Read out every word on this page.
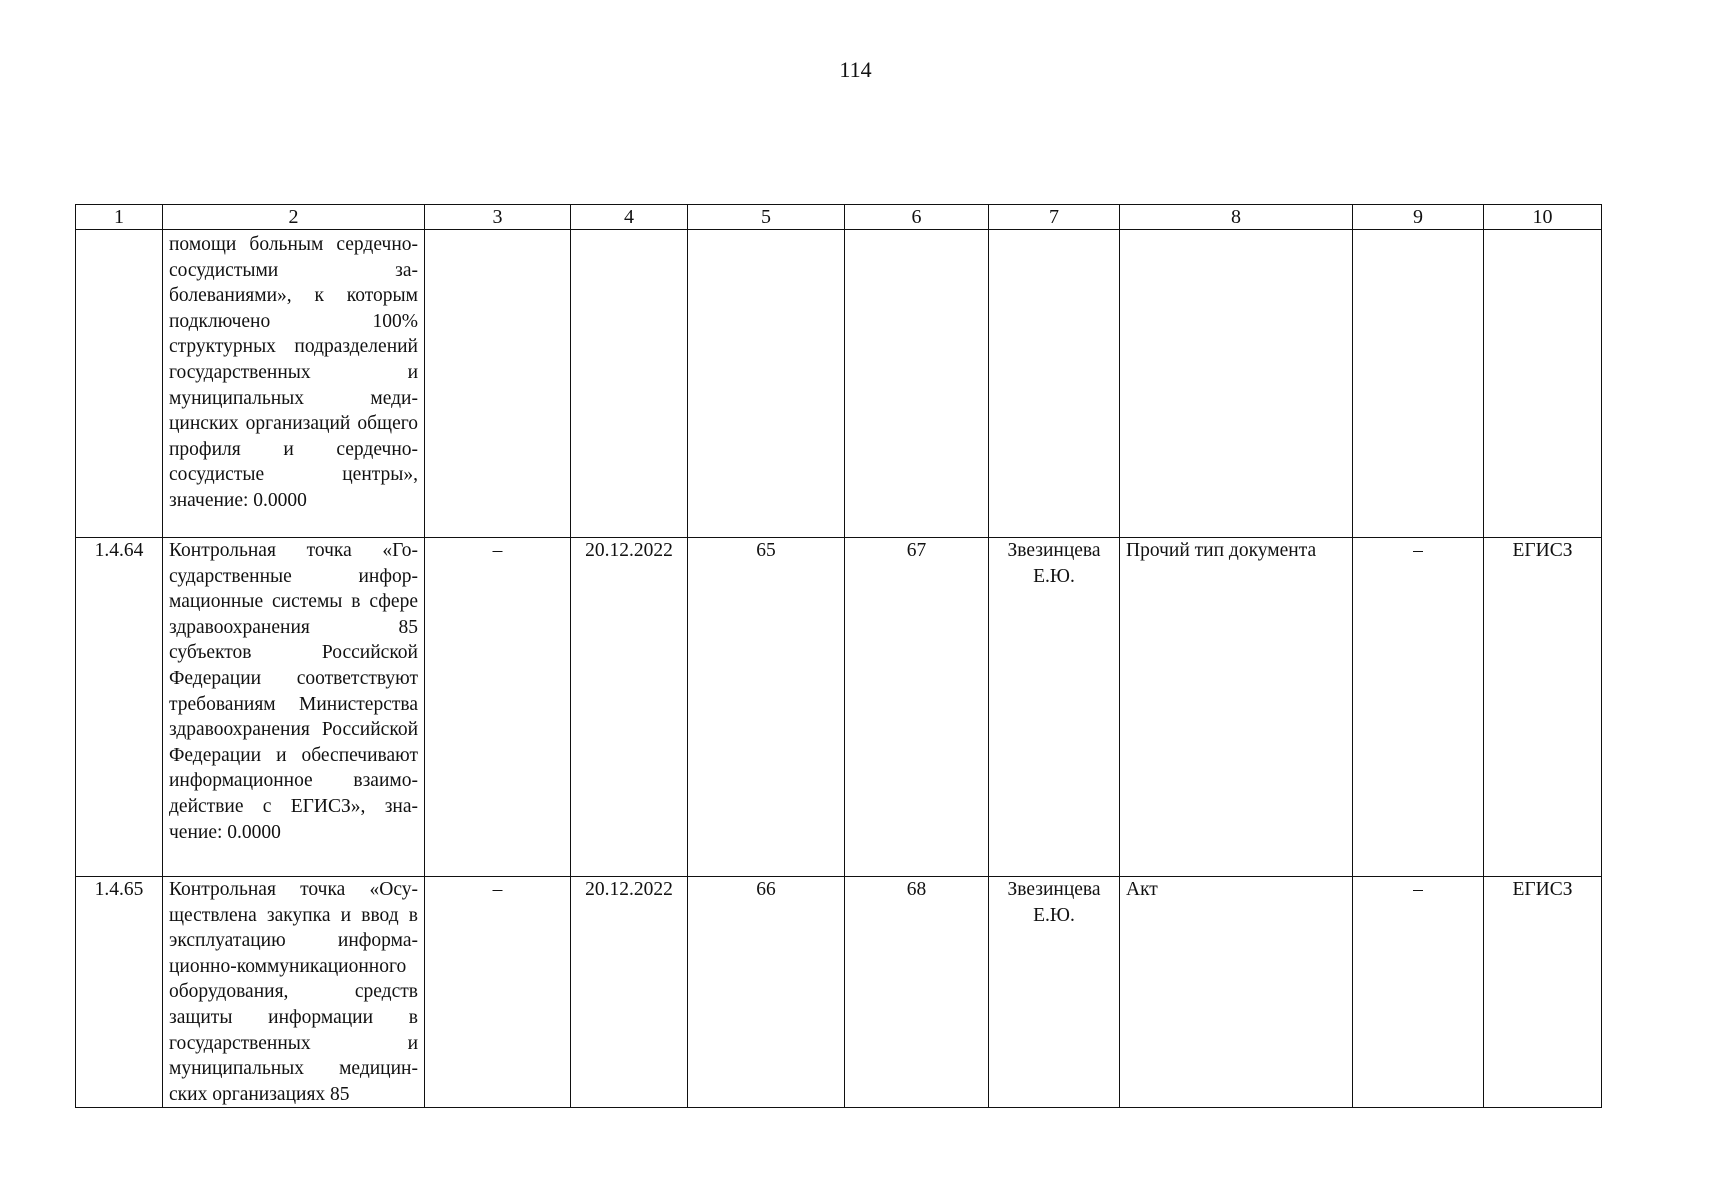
114
1	2	3	4	5	6	7	8	9	10
	помощи больным сердечно-сосудистыми заболеваниями», к которым подключено 100% структурных подразделений государственных и муниципальных медицинских организаций общего профиля и сердечно-сосудистые центры», значение: 0.0000								
1.4.64	Контрольная точка «Государственные информационные системы в сфере здравоохранения 85 субъектов Российской Федерации соответствуют требованиям Министерства здравоохранения Российской Федерации и обеспечивают информационное взаимодействие с ЕГИСЗ», значение: 0.0000	–	20.12.2022	65	67	Звезинцева Е.Ю.	Прочий тип документа	–	ЕГИСЗ
1.4.65	Контрольная точка «Осуществлена закупка и ввод в эксплуатацию информационно-коммуникационного оборудования, средств защиты информации в государственных и муниципальных медицинских организациях 85	–	20.12.2022	66	68	Звезинцева Е.Ю.	Акт	–	ЕГИСЗ
